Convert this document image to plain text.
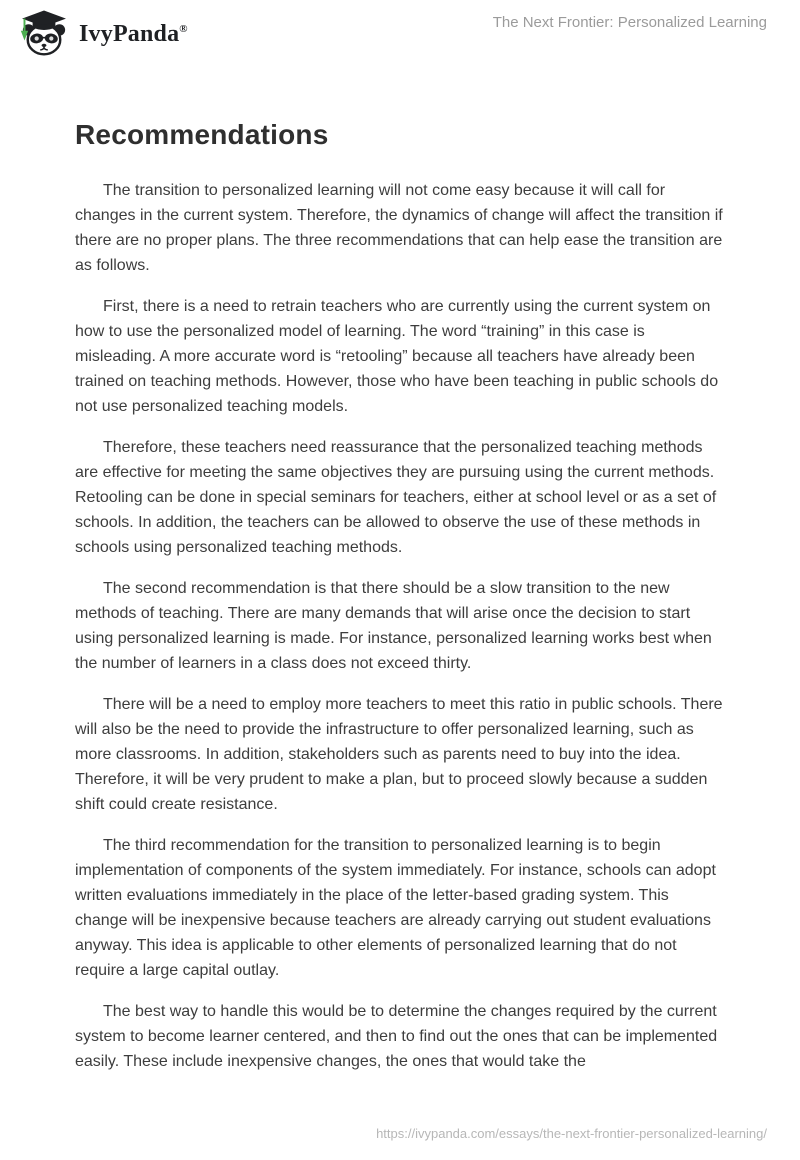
IvyPanda®	The Next Frontier: Personalized Learning
Recommendations

The transition to personalized learning will not come easy because it will call for changes in the current system. Therefore, the dynamics of change will affect the transition if there are no proper plans. The three recommendations that can help ease the transition are as follows.

First, there is a need to retrain teachers who are currently using the current system on how to use the personalized model of learning. The word “training” in this case is misleading. A more accurate word is “retooling” because all teachers have already been trained on teaching methods. However, those who have been teaching in public schools do not use personalized teaching models.

Therefore, these teachers need reassurance that the personalized teaching methods are effective for meeting the same objectives they are pursuing using the current methods. Retooling can be done in special seminars for teachers, either at school level or as a set of schools. In addition, the teachers can be allowed to observe the use of these methods in schools using personalized teaching methods.

The second recommendation is that there should be a slow transition to the new methods of teaching. There are many demands that will arise once the decision to start using personalized learning is made. For instance, personalized learning works best when the number of learners in a class does not exceed thirty.

There will be a need to employ more teachers to meet this ratio in public schools. There will also be the need to provide the infrastructure to offer personalized learning, such as more classrooms. In addition, stakeholders such as parents need to buy into the idea. Therefore, it will be very prudent to make a plan, but to proceed slowly because a sudden shift could create resistance.

The third recommendation for the transition to personalized learning is to begin implementation of components of the system immediately. For instance, schools can adopt written evaluations immediately in the place of the letter-based grading system. This change will be inexpensive because teachers are already carrying out student evaluations anyway. This idea is applicable to other elements of personalized learning that do not require a large capital outlay.

The best way to handle this would be to determine the changes required by the current system to become learner centered, and then to find out the ones that can be implemented easily. These include inexpensive changes, the ones that would take the

https://ivypanda.com/essays/the-next-frontier-personalized-learning/
